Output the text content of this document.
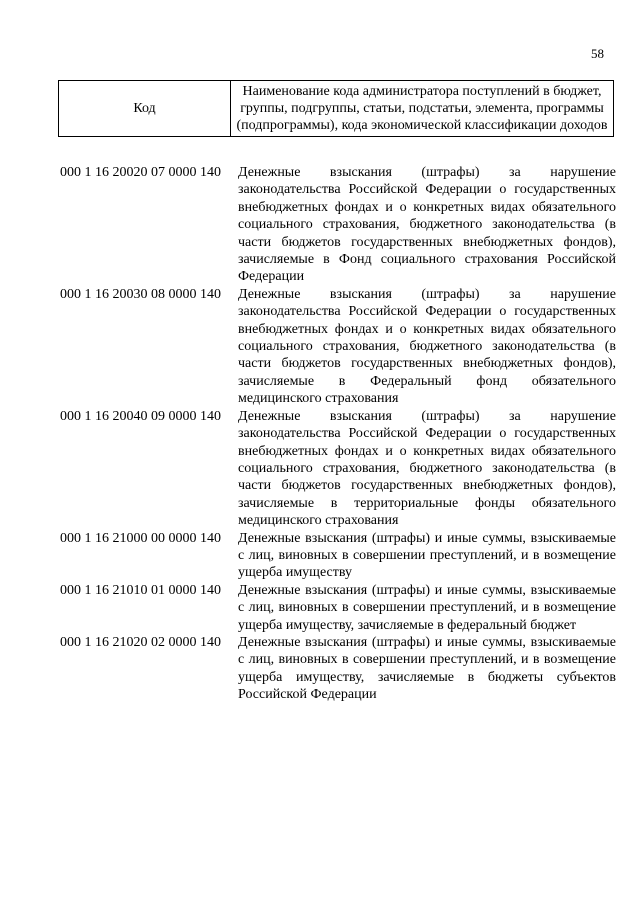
58
Код	Наименование кода администратора поступлений в бюджет, группы, подгруппы, статьи, подстатьи, элемента, программы (подпрограммы), кода экономической классификации доходов
000 1 16 20020 07 0000 140	Денежные взыскания (штрафы) за нарушение законодательства Российской Федерации о государственных внебюджетных фондах и о конкретных видах обязательного социального страхования, бюджетного законодательства (в части бюджетов государственных внебюджетных фондов), зачисляемые в Фонд социального страхования Российской Федерации
000 1 16 20030 08 0000 140	Денежные взыскания (штрафы) за нарушение законодательства Российской Федерации о государственных внебюджетных фондах и о конкретных видах обязательного социального страхования, бюджетного законодательства (в части бюджетов государственных внебюджетных фондов), зачисляемые в Федеральный фонд обязательного медицинского страхования
000 1 16 20040 09 0000 140	Денежные взыскания (штрафы) за нарушение законодательства Российской Федерации о государственных внебюджетных фондах и о конкретных видах обязательного социального страхования, бюджетного законодательства (в части бюджетов государственных внебюджетных фондов), зачисляемые в территориальные фонды обязательного медицинского страхования
000 1 16 21000 00 0000 140	Денежные взыскания (штрафы) и иные суммы, взыскиваемые с лиц, виновных в совершении преступлений, и в возмещение ущерба имуществу
000 1 16 21010 01 0000 140	Денежные взыскания (штрафы) и иные суммы, взыскиваемые с лиц, виновных в совершении преступлений, и в возмещение ущерба имуществу, зачисляемые в федеральный бюджет
000 1 16 21020 02 0000 140	Денежные взыскания (штрафы) и иные суммы, взыскиваемые с лиц, виновных в совершении преступлений, и в возмещение ущерба имуществу, зачисляемые в бюджеты субъектов Российской Федерации
